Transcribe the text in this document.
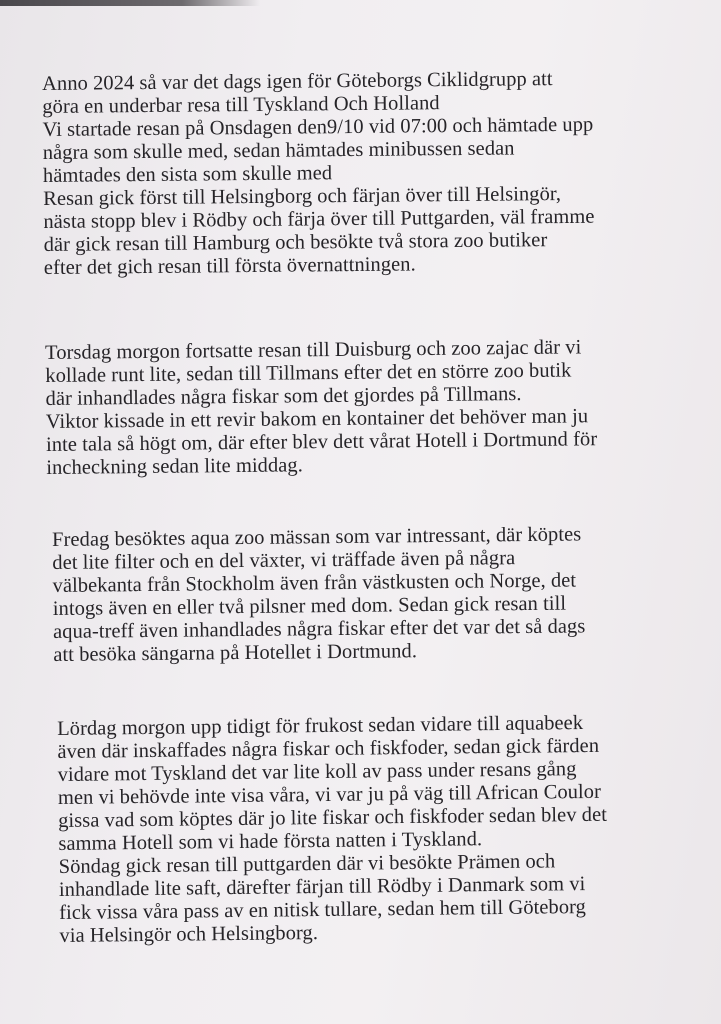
Anno 2024 så var det dags igen för Göteborgs Ciklidgrupp att
göra en underbar resa till Tyskland Och Holland
Vi startade resan på Onsdagen den9/10 vid 07:00 och hämtade upp
några som skulle med, sedan hämtades minibussen sedan
hämtades den sista som skulle med
Resan gick först till Helsingborg och färjan över till Helsingör,
nästa stopp blev i Rödby och färja över till Puttgarden, väl framme
där gick resan till Hamburg och besökte två stora zoo butiker
efter det gich resan till första övernattningen.
Torsdag morgon fortsatte resan till Duisburg och zoo zajac där vi
kollade runt lite, sedan till Tillmans efter det en större zoo butik
där inhandlades några fiskar som det gjordes på Tillmans.
Viktor kissade in ett revir bakom en kontainer det behöver man ju
inte tala så högt om, där efter blev dett vårat Hotell i Dortmund för
incheckning sedan lite middag.
Fredag besöktes aqua zoo mässan som var intressant, där köptes
det lite filter och en del växter, vi träffade även på några
välbekanta från Stockholm även från västkusten och Norge, det
intogs även en eller två pilsner med dom. Sedan gick resan till
aqua-treff även inhandlades några fiskar efter det var det så dags
att besöka sängarna på Hotellet i Dortmund.
Lördag morgon upp tidigt för frukost sedan vidare till aquabeek
även där inskaffades några fiskar och fiskfoder, sedan gick färden
vidare mot Tyskland det var lite koll av pass under resans gång
men vi behövde inte visa våra, vi var ju på väg till African Coulor
gissa vad som köptes där jo lite fiskar och fiskfoder sedan blev det
samma Hotell som vi hade första natten i Tyskland.
Söndag gick resan till puttgarden där vi besökte Prämen och
inhandlade lite saft, därefter färjan till Rödby i Danmark som vi
fick vissa våra pass av en nitisk tullare, sedan hem till Göteborg
via Helsingör och Helsingborg.
